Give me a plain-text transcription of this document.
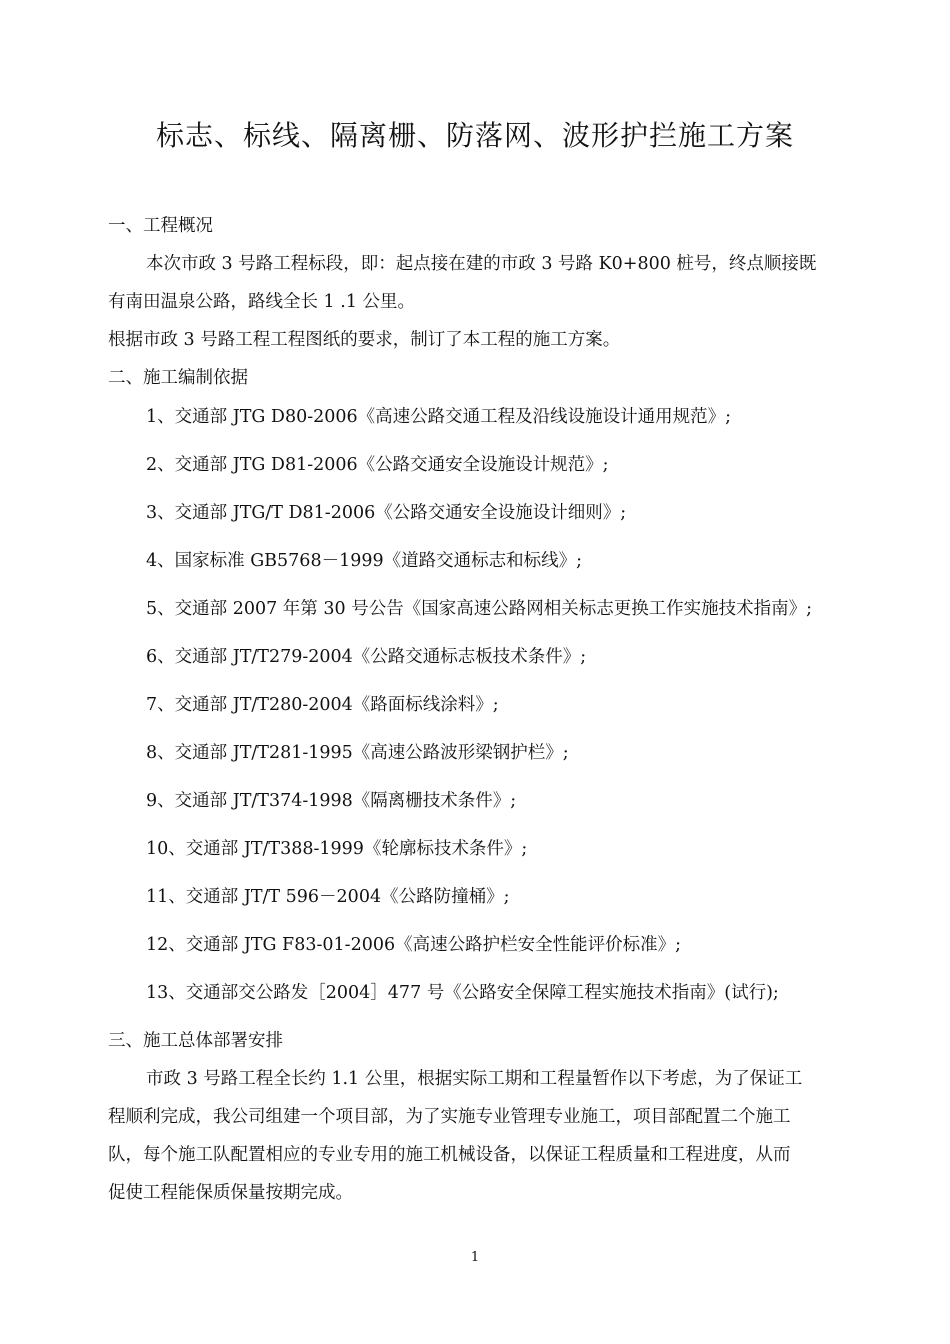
标志、标线、隔离栅、防落网、波形护拦施工方案
一、工程概况
本次市政 3 号路工程标段，即：起点接在建的市政 3 号路 K0+800 桩号，终点顺接既
有南田温泉公路，路线全长 1 .1 公里。
根据市政 3 号路工程工程图纸的要求，制订了本工程的施工方案。
二、施工编制依据
1、交通部 JTG D80-2006《高速公路交通工程及沿线设施设计通用规范》;
2、交通部 JTG D81-2006《公路交通安全设施设计规范》;
3、交通部 JTG/T D81-2006《公路交通安全设施设计细则》;
4、国家标准 GB5768－1999《道路交通标志和标线》;
5、交通部 2007 年第 30 号公告《国家高速公路网相关标志更换工作实施技术指南》;
6、交通部 JT/T279-2004《公路交通标志板技术条件》;
7、交通部 JT/T280-2004《路面标线涂料》;
8、交通部 JT/T281-1995《高速公路波形梁钢护栏》;
9、交通部 JT/T374-1998《隔离栅技术条件》;
10、交通部 JT/T388-1999《轮廓标技术条件》;
11、交通部 JT/T 596－2004《公路防撞桶》;
12、交通部 JTG F83-01-2006《高速公路护栏安全性能评价标准》;
13、交通部交公路发［2004］477 号《公路安全保障工程实施技术指南》(试行);
三、施工总体部署安排
市政 3 号路工程全长约 1.1 公里，根据实际工期和工程量暂作以下考虑，为了保证工
程顺利完成，我公司组建一个项目部，为了实施专业管理专业施工，项目部配置二个施工
队，每个施工队配置相应的专业专用的施工机械设备，以保证工程质量和工程进度，从而
促使工程能保质保量按期完成。
1
